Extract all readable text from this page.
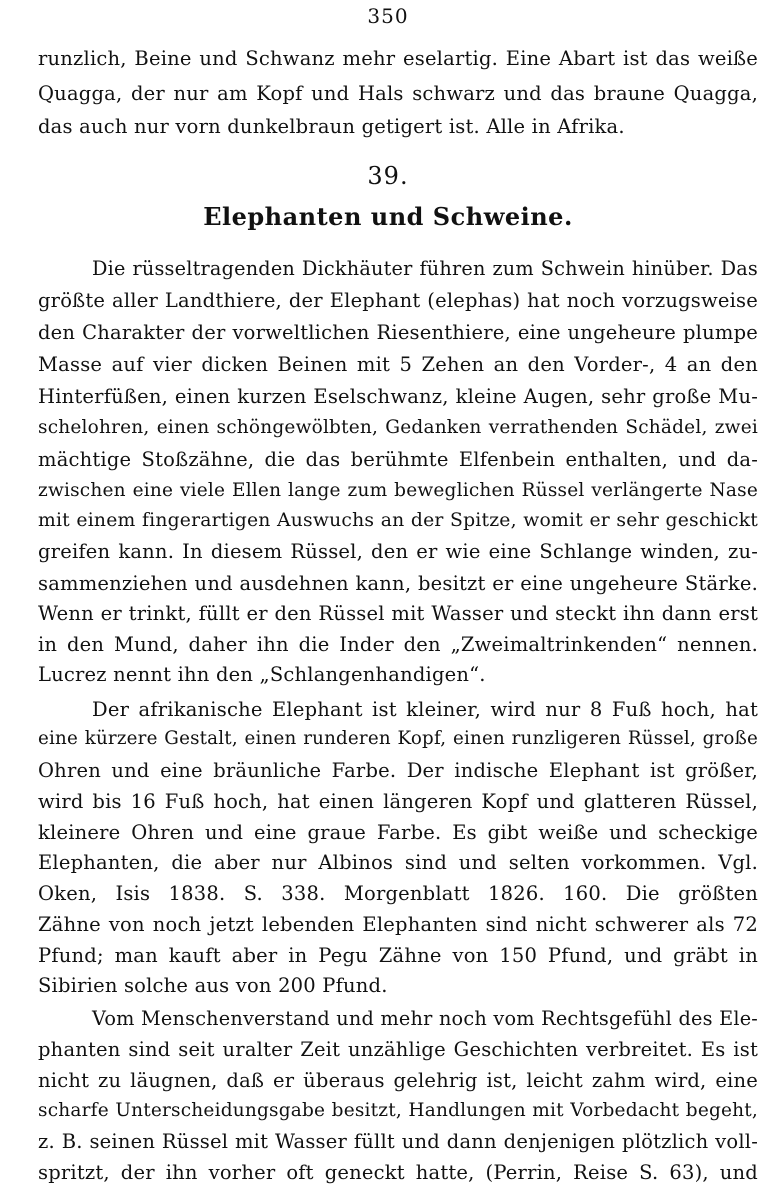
350
runzlich, Beine und Schwanz mehr eselartig. Eine Abart ist das weiße
Quagga, der nur am Kopf und Hals schwarz und das braune Quagga,
das auch nur vorn dunkelbraun getigert ist. Alle in Afrika.
39.
Elephanten und Schweine.
Die rüsseltragenden Dickhäuter führen zum Schwein hinüber. Das
größte aller Landthiere, der Elephant (elephas) hat noch vorzugsweise
den Charakter der vorweltlichen Riesenthiere, eine ungeheure plumpe
Masse auf vier dicken Beinen mit 5 Zehen an den Vorder-, 4 an den
Hinterfüßen, einen kurzen Eselschwanz, kleine Augen, sehr große Mu-
schelohren, einen schöngewölbten, Gedanken verrathenden Schädel, zwei
mächtige Stoßzähne, die das berühmte Elfenbein enthalten, und da-
zwischen eine viele Ellen lange zum beweglichen Rüssel verlängerte Nase
mit einem fingerartigen Auswuchs an der Spitze, womit er sehr geschickt
greifen kann. In diesem Rüssel, den er wie eine Schlange winden, zu-
sammenziehen und ausdehnen kann, besitzt er eine ungeheure Stärke.
Wenn er trinkt, füllt er den Rüssel mit Wasser und steckt ihn dann erst
in den Mund, daher ihn die Inder den „Zweimaltrinkenden“ nennen.
Lucrez nennt ihn den „Schlangenhandigen“.
Der afrikanische Elephant ist kleiner, wird nur 8 Fuß hoch, hat
eine kürzere Gestalt, einen runderen Kopf, einen runzligeren Rüssel, große
Ohren und eine bräunliche Farbe. Der indische Elephant ist größer,
wird bis 16 Fuß hoch, hat einen längeren Kopf und glatteren Rüssel,
kleinere Ohren und eine graue Farbe. Es gibt weiße und scheckige
Elephanten, die aber nur Albinos sind und selten vorkommen. Vgl.
Oken, Isis 1838. S. 338. Morgenblatt 1826. 160. Die größten
Zähne von noch jetzt lebenden Elephanten sind nicht schwerer als 72
Pfund; man kauft aber in Pegu Zähne von 150 Pfund, und gräbt in
Sibirien solche aus von 200 Pfund.
Vom Menschenverstand und mehr noch vom Rechtsgefühl des Ele-
phanten sind seit uralter Zeit unzählige Geschichten verbreitet. Es ist
nicht zu läugnen, daß er überaus gelehrig ist, leicht zahm wird, eine
scharfe Unterscheidungsgabe besitzt, Handlungen mit Vorbedacht begeht,
z. B. seinen Rüssel mit Wasser füllt und dann denjenigen plötzlich voll-
spritzt, der ihn vorher oft geneckt hatte, (Perrin, Reise S. 63), und
